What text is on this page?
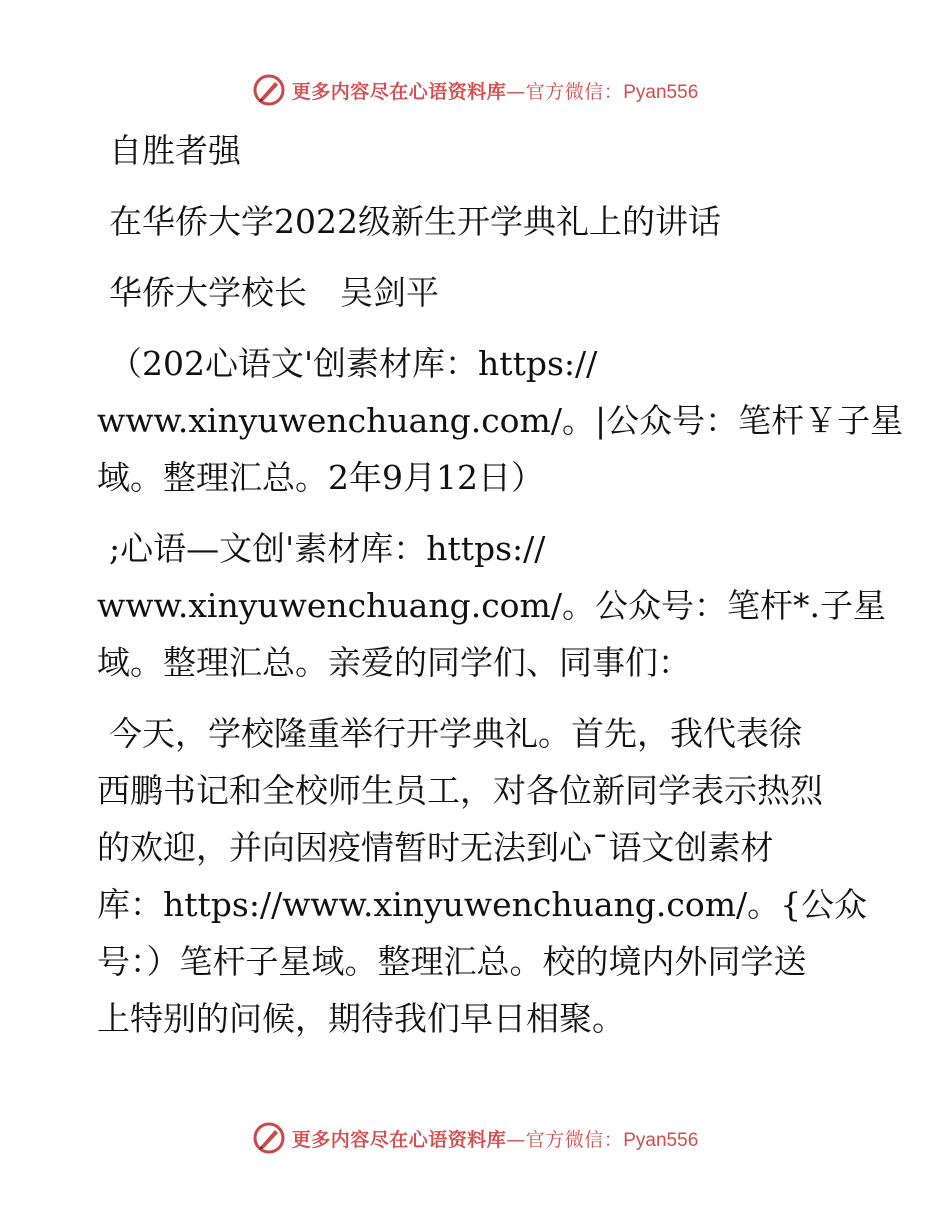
更多内容尽在心语资料库—官方微信：Pyan556
自胜者强
在华侨大学2022级新生开学典礼上的讲话
华侨大学校长　吴剑平
（202心语文'创素材库：https://
www.xinyuwenchuang.com/。|公众号：笔杆￥子星
域。整理汇总。2年9月12日）
;心语—文创'素材库：https://
www.xinyuwenchuang.com/。公众号：笔杆*.子星
域。整理汇总。亲爱的同学们、同事们：
今天，学校隆重举行开学典礼。首先，我代表徐
西鹏书记和全校师生员工，对各位新同学表示热烈
的欢迎，并向因疫情暂时无法到心¯语文创素材
库：https://www.xinyuwenchuang.com/。{公众
号：）笔杆子星域。整理汇总。校的境内外同学送
上特别的问候，期待我们早日相聚。
更多内容尽在心语资料库—官方微信：Pyan556
